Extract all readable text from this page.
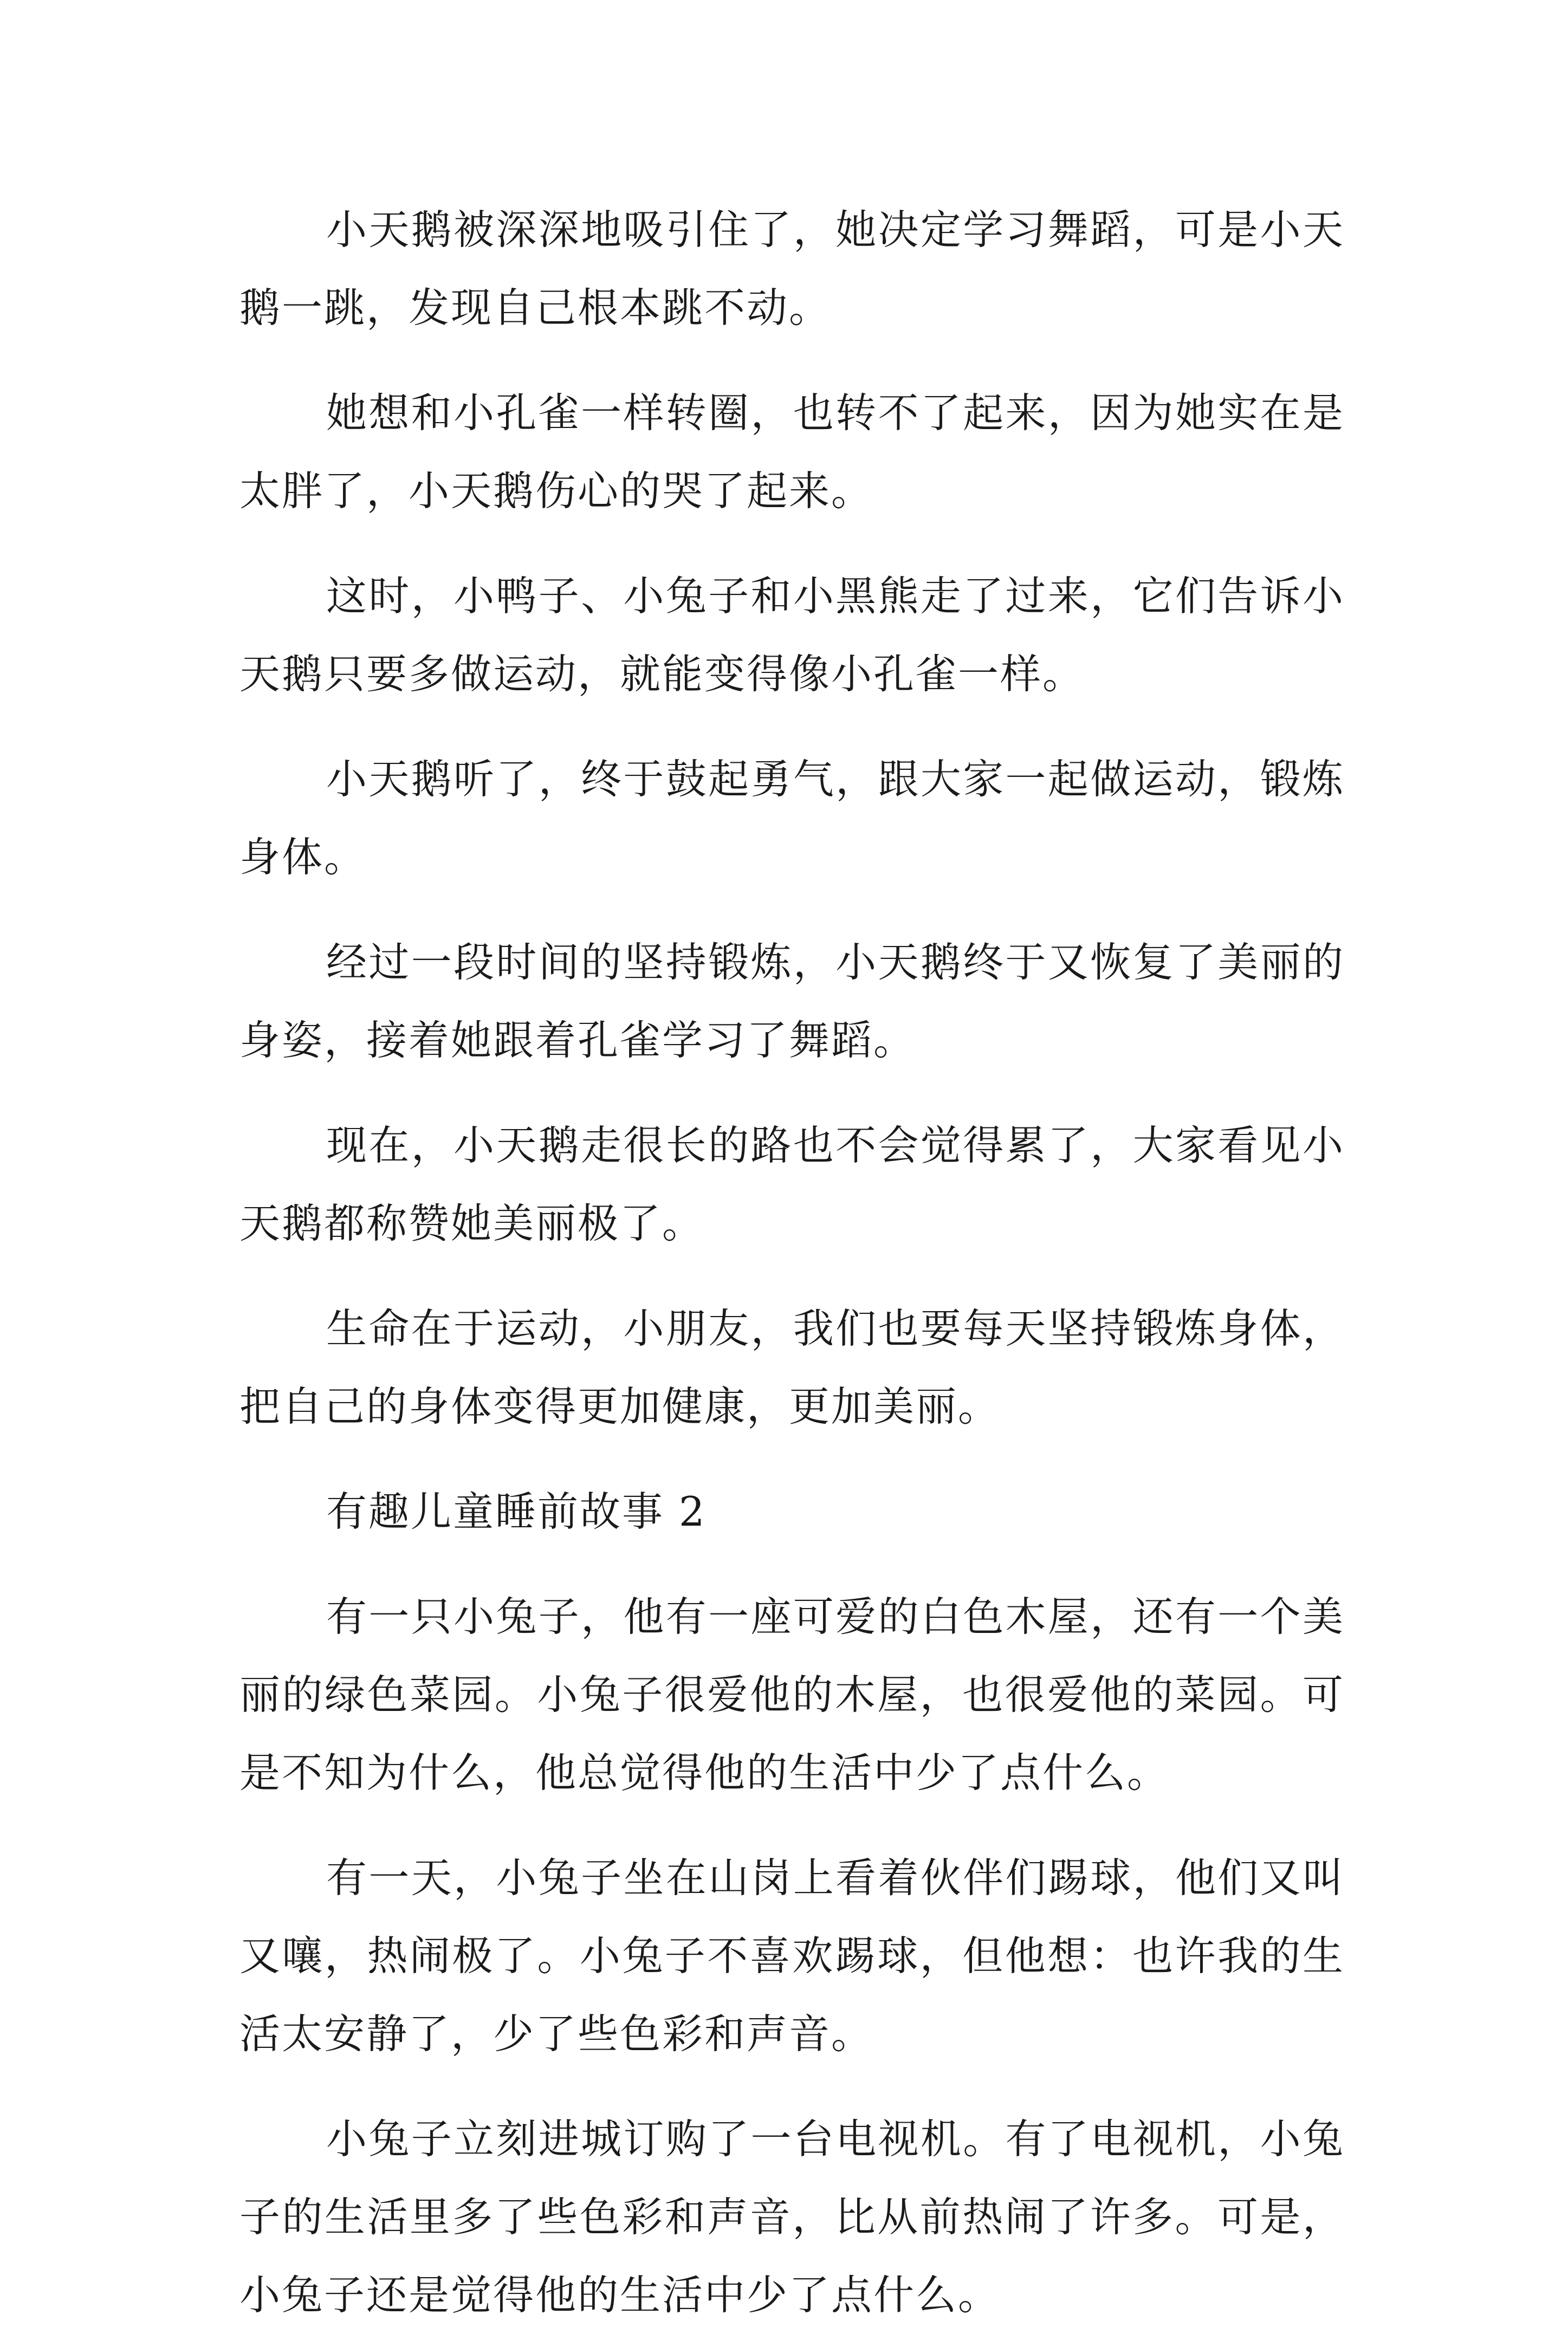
小天鹅被深深地吸引住了，她决定学习舞蹈，可是小天鹅一跳，发现自己根本跳不动。

她想和小孔雀一样转圈，也转不了起来，因为她实在是太胖了，小天鹅伤心的哭了起来。

这时，小鸭子、小兔子和小黑熊走了过来，它们告诉小天鹅只要多做运动，就能变得像小孔雀一样。

小天鹅听了，终于鼓起勇气，跟大家一起做运动，锻炼身体。

经过一段时间的坚持锻炼，小天鹅终于又恢复了美丽的身姿，接着她跟着孔雀学习了舞蹈。

现在，小天鹅走很长的路也不会觉得累了，大家看见小天鹅都称赞她美丽极了。

生命在于运动，小朋友，我们也要每天坚持锻炼身体，把自己的身体变得更加健康，更加美丽。

有趣儿童睡前故事 2

有一只小兔子，他有一座可爱的白色木屋，还有一个美丽的绿色菜园。小兔子很爱他的木屋，也很爱他的菜园。可是不知为什么，他总觉得他的生活中少了点什么。

有一天，小兔子坐在山岗上看着伙伴们踢球，他们又叫又嚷，热闹极了。小兔子不喜欢踢球，但他想：也许我的生活太安静了，少了些色彩和声音。

小兔子立刻进城订购了一台电视机。有了电视机，小兔子的生活里多了些色彩和声音，比从前热闹了许多。可是，小兔子还是觉得他的生活中少了点什么。
